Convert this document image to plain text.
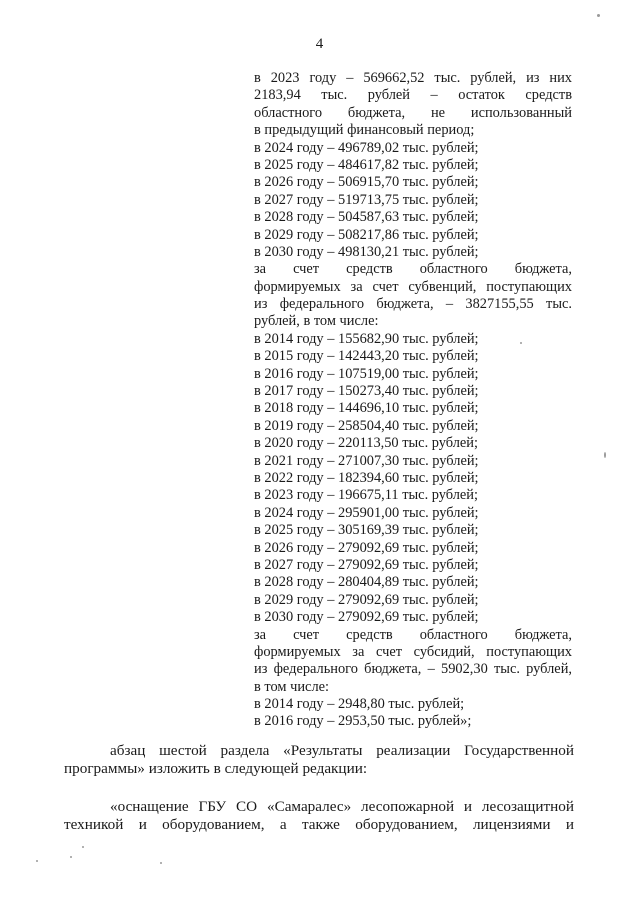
4
в 2023 году – 569662,52 тыс. рублей, из них
2183,94 тыс. рублей – остаток средств
областного бюджета, не использованный
в предыдущий финансовый период;
в 2024 году – 496789,02 тыс. рублей;
в 2025 году – 484617,82 тыс. рублей;
в 2026 году – 506915,70 тыс. рублей;
в 2027 году – 519713,75 тыс. рублей;
в 2028 году – 504587,63 тыс. рублей;
в 2029 году – 508217,86 тыс. рублей;
в 2030 году – 498130,21 тыс. рублей;
за счет средств областного бюджета,
формируемых за счет субвенций, поступающих
из федерального бюджета, – 3827155,55 тыс.
рублей, в том числе:
в 2014 году – 155682,90 тыс. рублей;
в 2015 году – 142443,20 тыс. рублей;
в 2016 году – 107519,00 тыс. рублей;
в 2017 году – 150273,40 тыс. рублей;
в 2018 году – 144696,10 тыс. рублей;
в 2019 году – 258504,40 тыс. рублей;
в 2020 году – 220113,50 тыс. рублей;
в 2021 году – 271007,30 тыс. рублей;
в 2022 году – 182394,60 тыс. рублей;
в 2023 году – 196675,11 тыс. рублей;
в 2024 году – 295901,00 тыс. рублей;
в 2025 году – 305169,39 тыс. рублей;
в 2026 году – 279092,69 тыс. рублей;
в 2027 году – 279092,69 тыс. рублей;
в 2028 году – 280404,89 тыс. рублей;
в 2029 году – 279092,69 тыс. рублей;
в 2030 году – 279092,69 тыс. рублей;
за счет средств областного бюджета,
формируемых за счет субсидий, поступающих
из федерального бюджета, – 5902,30 тыс. рублей,
в том числе:
в 2014 году – 2948,80 тыс. рублей;
в 2016 году – 2953,50 тыс. рублей»;
абзац шестой раздела «Результаты реализации Государственной
программы» изложить в следующей редакции:
«оснащение ГБУ СО «Самаралес» лесопожарной и лесозащитной
техникой и оборудованием, а также оборудованием, лицензиями и
